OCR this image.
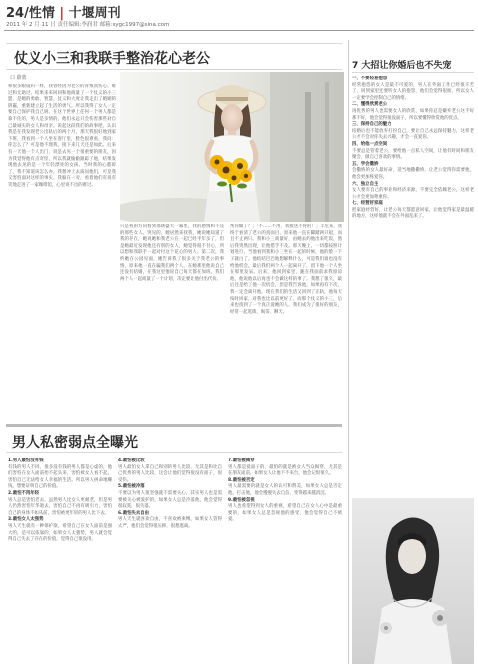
24/性情 | 十堰周刊
2011 年 2 月 11 日 责任编辑:李润君 邮箱:sygc1997@sina.com
仗义小三和我联手整治花心老公
口 蔚蓝
和很多眼镜妇一样，我曾经因为老公的背叛而伤心、难过和无助过，结果来来回回和他商量了一个仗义的小三盟，是她的勇敢、智慧、仗义和大度让我走出了婚姻的阴霾，重新建立起了生活的勇气。所以我得了女人一定要自己保护我自己呀。在这个世界上任何一个男人都是靠不住的，男人是多情的，他们永远只会伤害那些对自己最诚实的女人和母亲。说起这段我们的故事吧，认识我是在我发现老公出轨后的两个月，那天我很好地到家下班，我看到一个人坐在客厅里，脸色很难看，我问：你怎么了？可是他不理我，接下来几天还是如此。后来有一天他一个人出门，说是去见一个很重要的朋友，因为我觉得他有点奇怪，所以我就偷偷跟踪了他，结果发现他去见的是一个年轻漂亮的女孩。当时我的心都碎了，我不知道该怎么办，我想冲上去质问他们，可是我又害怕面对这样的事实。我躲在一旁，看着他们有说有笑地走进了一家咖啡馆，心里说不出的难过。
只是我的方向看到那场盛大一幕里，我的感情和不良的那些女人。突见的，她居然来找我，她说她知道了我的存在，她说她和我老公在一起已经半年多了，但是她最近发现他还有别的女人，她觉得很不甘心，所以想和我联手一起对付这个花心的男人。第二次，我约她在公园见面，她告诉我了很多关于我老公的事情，原来他一直在骗我们两个人，在她那里他说自己还没有结婚，在我这里他说自己每天都在加班。我们两个人一起商量了一个计划，决定要让他付出代价。
帮你做了？」「不……不用，我接送不得的！」丰尼来，我终于看清了老公的真面目，原来他一直在脚踏两只船，而且不止两只。我和小三商量好，由她去约他出来吃饭，然后我突然出现，让他措手不及。那天晚上，一切都按照计划进行，当他看到我和小三坐在一起的时候，他的脸一下子就白了。他结结巴巴地想解释什么，可是我们谁也没有给他机会。最后我们两个人一起离开了，留下他一个人坐在那里发呆。后来，他回到家里，跪在我面前求我原谅他，他说他以后再也不会做这样的事了。我想了很久，最后还是给了他一次机会，但是我告诉他，如果再有下次，我一定会离开他。现在我们的生活又回到了正轨，他每天按时回家，对我也比以前更好了。而那个仗义的小三，后来也找到了一个真正爱她的人，我们成为了很好的朋友，经常一起逛街、喝茶、聊天。
男人私密弱点全曝光
1.男人最怕没有钱
有钱的男人不同，很多没有钱的男人都是心虚的，他们害怕在女人面前抬不起头来，害怕被女人看不起，害怕自己无法给女人幸福的生活。所以男人拼命地赚钱，想要证明自己的价值。
2.最怕不再年轻
男人总是害怕老去，虽然男人比女人更耐老，但是男人仍然害怕年华逝去，害怕自己不再有吸引力，害怕自己的身体不如从前，害怕被更年轻的男人比下去。
3.最怕女人太强势
男人天生就有一种保护欲，希望自己在女人面前是强大的，是可以依靠的，如果女人太强势，男人就会觉得自己失去了存在的价值，觉得自己很没用。
4.最怕被比较
男人最怕女人拿自己和别的男人比较，尤其是和比自己优秀的男人比较，这会让他们觉得很没有面子，很受伤。
5.最怕被冷落
不要以为男人很坚强就不需要关心，其实男人也是需要被关心被爱护的，如果女人总是冷落他，他会觉得很寂寞，很失落。
6.最怕失去自由
男人天生就喜欢自由，不喜欢被束缚，如果女人管得太严，他们会觉得很压抑，很想逃离。
7.最怕被揭穿
男人都是爱面子的，最怕的就是被女人当众揭穿，尤其是在朋友面前，如果女人让他下不来台，他会记恨很久。
8.最怕被否定
男人最需要的就是女人的认可和赞美，如果女人总是否定他，打击他，他会慢慢失去自信，变得越来越消沉。
9.最怕被忽视
男人也希望得到女人的重视，希望自己在女人心中是最重要的，如果女人总是忽视他的感受，他会觉得自己不被爱。
7 大招让你婚后也不失宠
一、不要轻易抱怨
经常抱怨的女人是最不可爱的，男人在外面工作已经很辛苦了，回到家里还要听女人的抱怨，他们会觉得很烦，所以女人一定要学会控制自己的情绪。
二、懂得欣赏老公
再优秀的男人也需要女人的欣赏，如果你总是嫌弃老公这不好那不好，他会觉得很没面子，所以要懂得欣赏他的优点。
三、保持自己的魅力
结婚后也不能放弃打扮自己，要让自己永远保持魅力，这样老公才不会对你失去兴趣，才会一直爱你。
四、给他一点空间
不要总是管着老公，要给他一点私人空间，让他有时间和朋友聚会，做自己喜欢的事情。
五、学会撒娇
会撒娇的女人最好命，适当地撒撒娇，让老公觉得你需要他，他会更加疼爱你。
六、独立自主
女人要有自己的事业和经济来源，不要完全依赖老公，这样老公才会更加尊重你。
七、经营好家庭
把家庭经营好，让老公每天都愿意回家，让他觉得家是最温暖的地方，这样他就不会在外面乱来了。
